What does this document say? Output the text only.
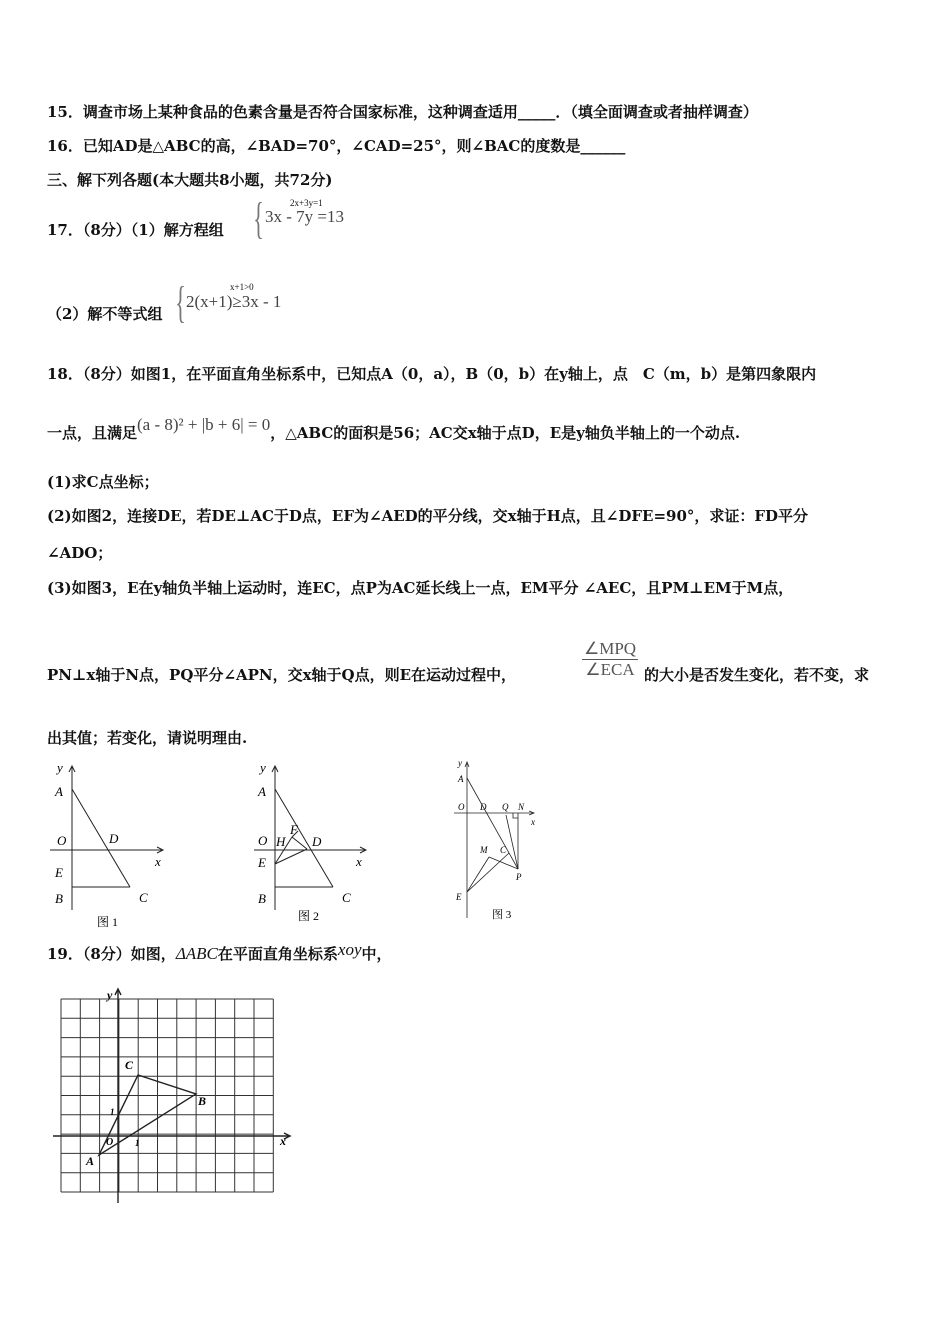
15．调查市场上某种食品的色素含量是否符合国家标准，这种调查适用_____．（填全面调查或者抽样调查）
16．已知AD是△ABC的高，∠BAD=70°，∠CAD=25°，则∠BAC的度数是______
三、解下列各题(本大题共8小题，共72分)
17．（8分）（1）解方程组 {	2x+3y=1
3x - 7y =13
（2）解不等式组 {	x+1>0
2(x+1)≥3x - 1
18．（8分）如图1，在平面直角坐标系中，已知点A（0，a），B（0，b）在y轴上，点　C（m，b）是第四象限内
一点，且满足(a - 8)² + |b + 6| = 0，△ABC的面积是56；AC交x轴于点D，E是y轴负半轴上的一个动点.
(1)求C点坐标；
(2)如图2，连接DE，若DE⊥AC于D点，EF为∠AED的平分线，交x轴于H点，且∠DFE=90°，求证：FD平分
∠ADO；
(3)如图3，E在y轴负半轴上运动时，连EC，点P为AC延长线上一点，EM平分 ∠AEC，且PM⊥EM于M点，
PN⊥x轴于N点，PQ平分∠APN，交x轴于Q点，则E在运动过程中，
∠MPQ
∠ECA 的大小是否发生变化，若不变，求
出其值；若变化，请说明理由.
y
x
A
O	D
E
B	C
图 1
y
x
A
O H
F
D
E
B	C
图 2
y
x
A
O D Q N
M C
P
E
图 3
19．（8分）如图，ΔABC在平面直角坐标系xoy中，
y
x
C
B
A
O
1
1
